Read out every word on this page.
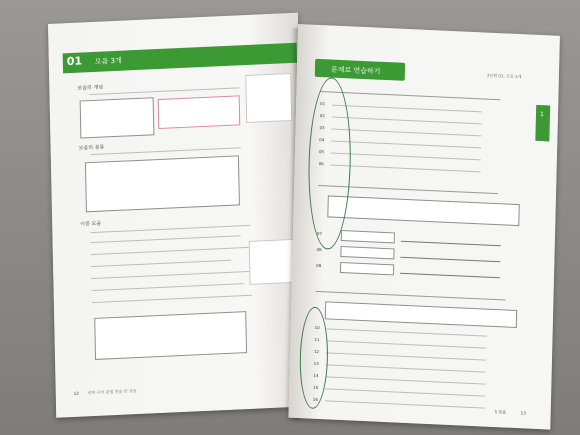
01 모음 3개
모음의 개념
모음의 분류
이중 모음
12 중학 국어 문법 연습 한 걸음
2단원 01. 모음 3개
문제로 연습하기
1
01
02
03
04
05
06
07
08
09
10
11
12
13
14
15
16
1 음운	13
